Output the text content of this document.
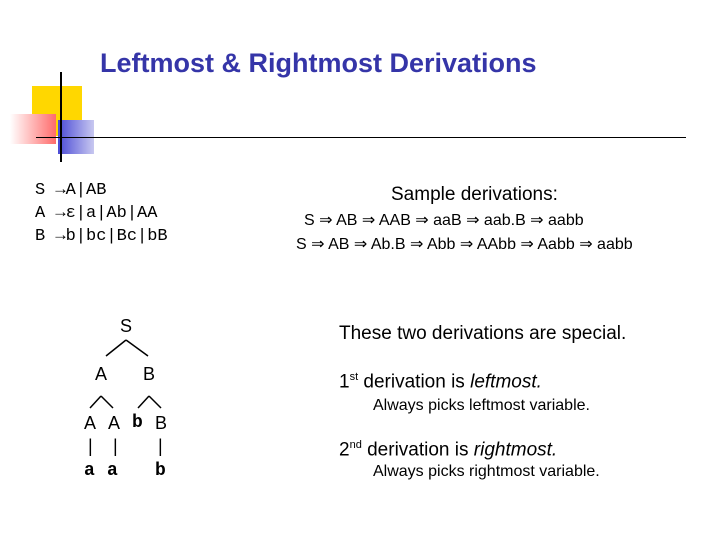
Leftmost & Rightmost Derivations
S →A|AB
A →ε|a|Ab|AA
B →b|bc|Bc|bB
Sample derivations:
S ⇒ AB ⇒ AAB ⇒ aaB ⇒ aab.B ⇒ aabb
S ⇒ AB ⇒ Ab.B ⇒ Abb ⇒ AAbb ⇒ Aabb ⇒ aabb
S
A B
A A b B
| | |
a a b
These two derivations are special.
1st derivation is leftmost.
Always picks leftmost variable.
2nd derivation is rightmost.
Always picks rightmost variable.
